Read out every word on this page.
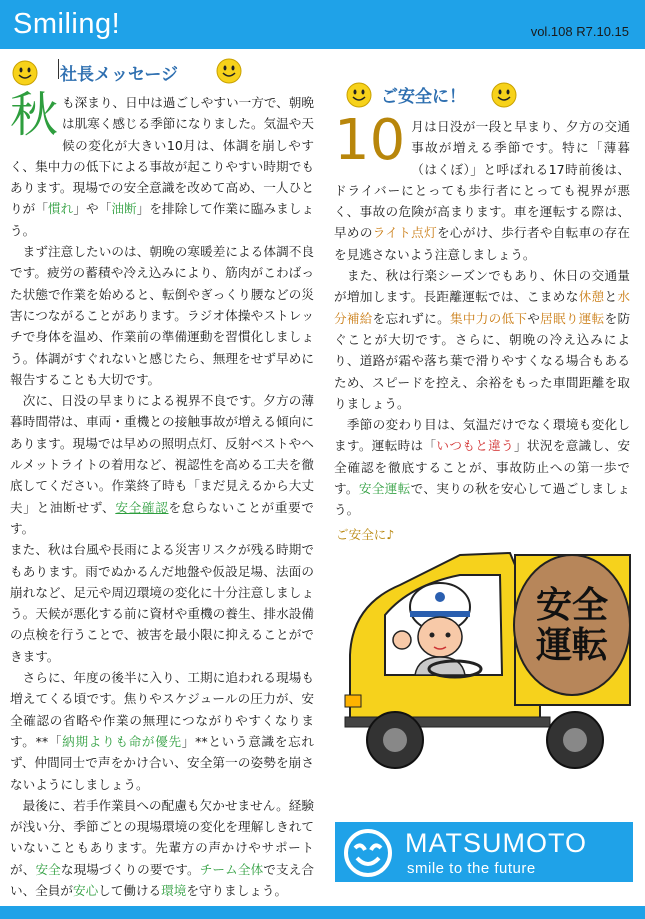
Smiling!	vol.108 R7.10.15
社長メッセージ
ご安全に！

秋も深まり、日中は過ごしやすい一方で、朝晩は肌寒く感じる季節になりました。気温や天候の変化が大きい10月は、体調を崩しやすく、集中力の低下による事故が起こりやすい時期でもあります。現場での安全意識を改めて高め、一人ひとりが「慣れ」や「油断」を排除して作業に臨みましょう。

　まず注意したいのは、朝晩の寒暖差による体調不良です。疲労の蓄積や冷え込みにより、筋肉がこわばった状態で作業を始めると、転倒やぎっくり腰などの災害につながることがあります。ラジオ体操やストレッチで身体を温め、作業前の準備運動を習慣化しましょう。体調がすぐれないと感じたら、無理をせず早めに報告することも大切です。

　次に、日没の早まりによる視界不良です。夕方の薄暮時間帯は、車両・重機との接触事故が増える傾向にあります。現場では早めの照明点灯、反射ベストやヘルメットライトの着用など、視認性を高める工夫を徹底してください。作業終了時も「まだ見えるから大丈夫」と油断せず、安全確認を怠らないことが重要です。

また、秋は台風や長雨による災害リスクが残る時期でもあります。雨でぬかるんだ地盤や仮設足場、法面の崩れなど、足元や周辺環境の変化に十分注意しましょう。天候が悪化する前に資材や重機の養生、排水設備の点検を行うことで、被害を最小限に抑えることができます。

　さらに、年度の後半に入り、工期に追われる現場も増えてくる頃です。焦りやスケジュールの圧力が、安全確認の省略や作業の無理につながりやすくなります。**「納期よりも命が優先」**という意識を忘れず、仲間同士で声をかけ合い、安全第一の姿勢を崩さないようにしましょう。

　最後に、若手作業員への配慮も欠かせません。経験が浅い分、季節ごとの現場環境の変化を理解しきれていないこともあります。先輩方の声かけやサポートが、安全な現場づくりの要です。チーム全体で支え合い、全員が安心して働ける環境を守りましょう。

10 月は日没が一段と早まり、夕方の交通事故が増える季節です。特に「薄暮（はくぼ）」と呼ばれる17時前後は、ドライバーにとっても歩行者にとっても視界が悪く、事故の危険が高まります。車を運転する際は、早めのライト点灯を心がけ、歩行者や自転車の存在を見逃さないよう注意しましょう。

　また、秋は行楽シーズンでもあり、休日の交通量が増加します。長距離運転では、こまめな休憩と水分補給を忘れずに。集中力の低下や居眠り運転を防ぐことが大切です。さらに、朝晩の冷え込みにより、道路が霜や落ち葉で滑りやすくなる場合もあるため、スピードを控え、余裕をもった車間距離を取りましょう。

　季節の変わり目は、気温だけでなく環境も変化します。運転時は「いつもと違う」状況を意識し、安全確認を徹底することが、事故防止への第一歩です。安全運転で、実りの秋を安心して過ごしましょう。

ご安全に♪
安全
運転
MATSUMOTO
smile to the future
